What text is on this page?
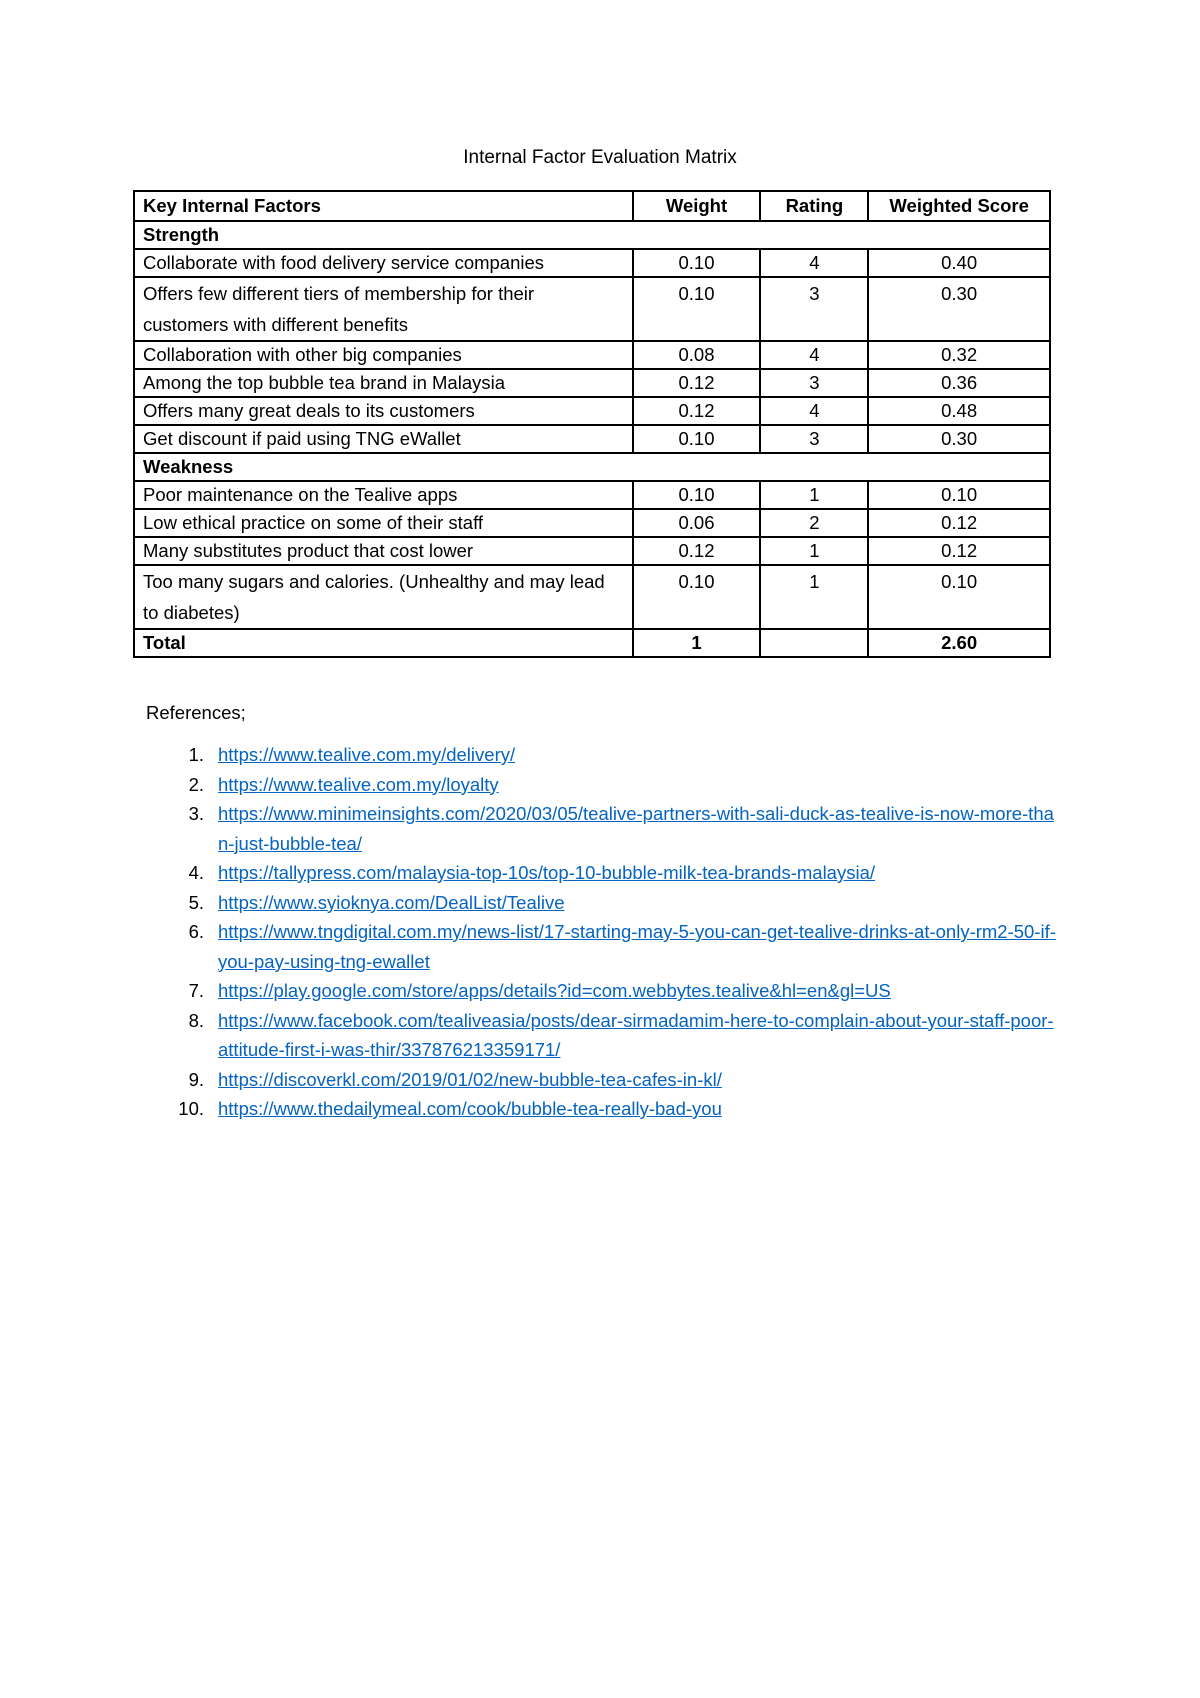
Internal Factor Evaluation Matrix
Key Internal Factors	Weight	Rating	Weighted Score
Strength			
Collaborate with food delivery service companies	0.10	4	0.40
Offers few different tiers of membership for their customers with different benefits	0.10	3	0.30
Collaboration with other big companies	0.08	4	0.32
Among the top bubble tea brand in Malaysia	0.12	3	0.36
Offers many great deals to its customers	0.12	4	0.48
Get discount if paid using TNG eWallet	0.10	3	0.30
Weakness			
Poor maintenance on the Tealive apps	0.10	1	0.10
Low ethical practice on some of their staff	0.06	2	0.12
Many substitutes product that cost lower	0.12	1	0.12
Too many sugars and calories. (Unhealthy and may lead to diabetes)	0.10	1	0.10
Total	1		2.60
References;
1. https://www.tealive.com.my/delivery/
2. https://www.tealive.com.my/loyalty
3. https://www.minimeinsights.com/2020/03/05/tealive-partners-with-sali-duck-as-tealive-is-now-more-than-just-bubble-tea/
4. https://tallypress.com/malaysia-top-10s/top-10-bubble-milk-tea-brands-malaysia/
5. https://www.syioknya.com/DealList/Tealive
6. https://www.tngdigital.com.my/news-list/17-starting-may-5-you-can-get-tealive-drinks-at-only-rm2-50-if-you-pay-using-tng-ewallet
7. https://play.google.com/store/apps/details?id=com.webbytes.tealive&hl=en&gl=US
8. https://www.facebook.com/tealiveasia/posts/dear-sirmadamim-here-to-complain-about-your-staff-poor-attitude-first-i-was-thir/337876213359171/
9. https://discoverkl.com/2019/01/02/new-bubble-tea-cafes-in-kl/
10. https://www.thedailymeal.com/cook/bubble-tea-really-bad-you
